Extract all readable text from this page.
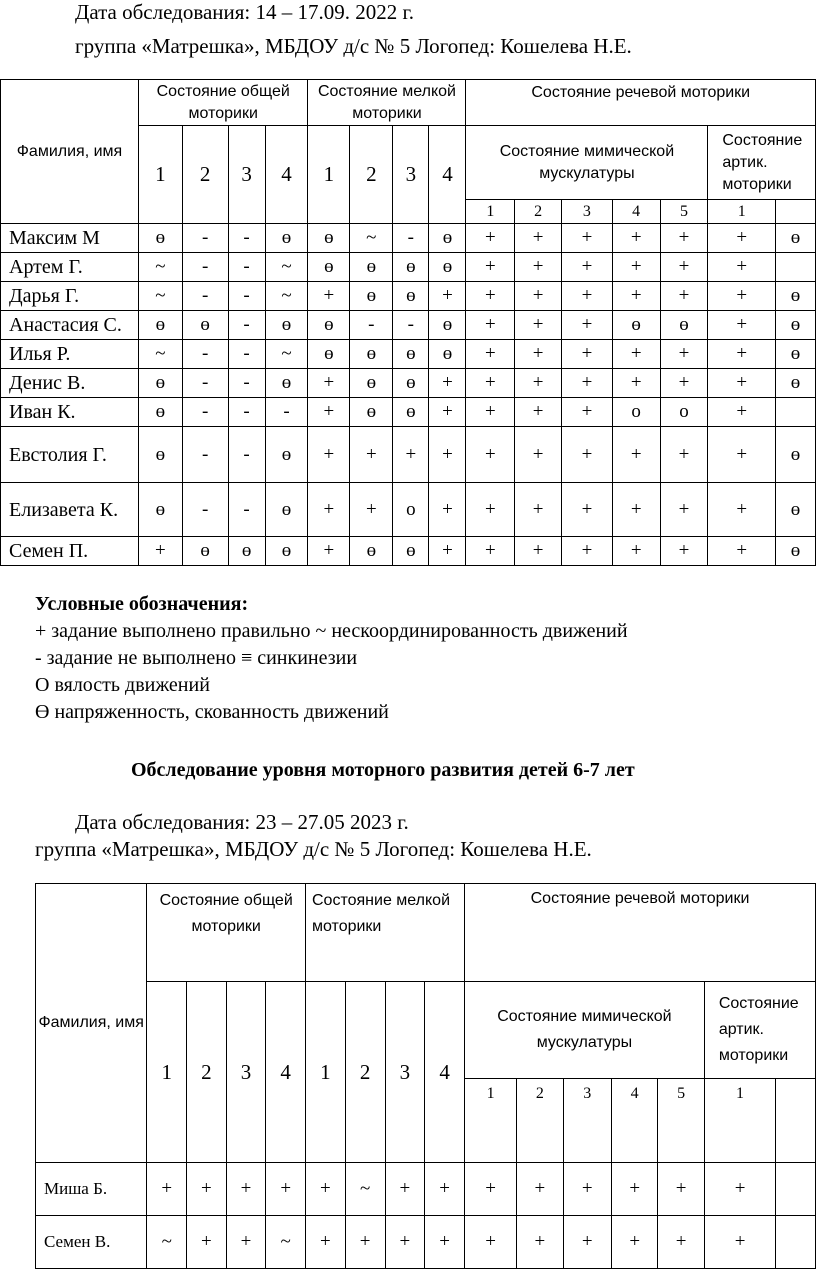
Дата обследования: 14 – 17.09. 2022 г.
группа «Матрешка», МБДОУ д/с № 5 Логопед: Кошелева Н.Е.
Фамилия, имя	Состояние общей моторики				Состояние мелкой моторики				Состояние речевой моторики						
	1	2	3	4	1	2	3	4	Состояние мимической мускулатуры					Состояние артик. моторики	
									1	2	3	4	5	1	
Максим М	ɵ	-	-	ɵ	ɵ	~	-	ɵ	+	+	+	+	+	+	ɵ
Артем Г.	~	-	-	~	ɵ	ɵ	ɵ	ɵ	+	+	+	+	+	+	
Дарья Г.	~	-	-	~	+	ɵ	ɵ	+	+	+	+	+	+	+	ɵ
Анастасия С.	ɵ	ɵ	-	ɵ	ɵ	-	-	ɵ	+	+	+	ɵ	ɵ	+	ɵ
Илья Р.	~	-	-	~	ɵ	ɵ	ɵ	ɵ	+	+	+	+	+	+	ɵ
Денис В.	ɵ	-	-	ɵ	+	ɵ	ɵ	+	+	+	+	+	+	+	ɵ
Иван К.	ɵ	-	-	-	+	ɵ	ɵ	+	+	+	+	о	о	+	
Евстолия Г.	ɵ	-	-	ɵ	+	+	+	+	+	+	+	+	+	+	ɵ
Елизавета К.	ɵ	-	-	ɵ	+	+	о	+	+	+	+	+	+	+	ɵ
Семен П.	+	ɵ	ɵ	ɵ	+	ɵ	ɵ	+	+	+	+	+	+	+	ɵ
Условные обозначения:
+ задание выполнено правильно ~ нескоординированность движений
- задание не выполнено ≡ синкинезии
О вялость движений
Ɵ напряженность, скованность движений
Обследование уровня моторного развития детей 6-7 лет
Дата обследования: 23 – 27.05 2023 г.
группа «Матрешка», МБДОУ д/с № 5 Логопед: Кошелева Н.Е.
Фамилия, имя	Состояние общей моторики				Состояние мелкой моторики				Состояние речевой моторики						
	1	2	3	4	1	2	3	4	Состояние мимической мускулатуры					Состояние артик. моторики	
									1	2	3	4	5	1	
Миша Б.	+	+	+	+	+	~	+	+	+	+	+	+	+	+	
Семен В.	~	+	+	~	+	+	+	+	+	+	+	+	+	+	
